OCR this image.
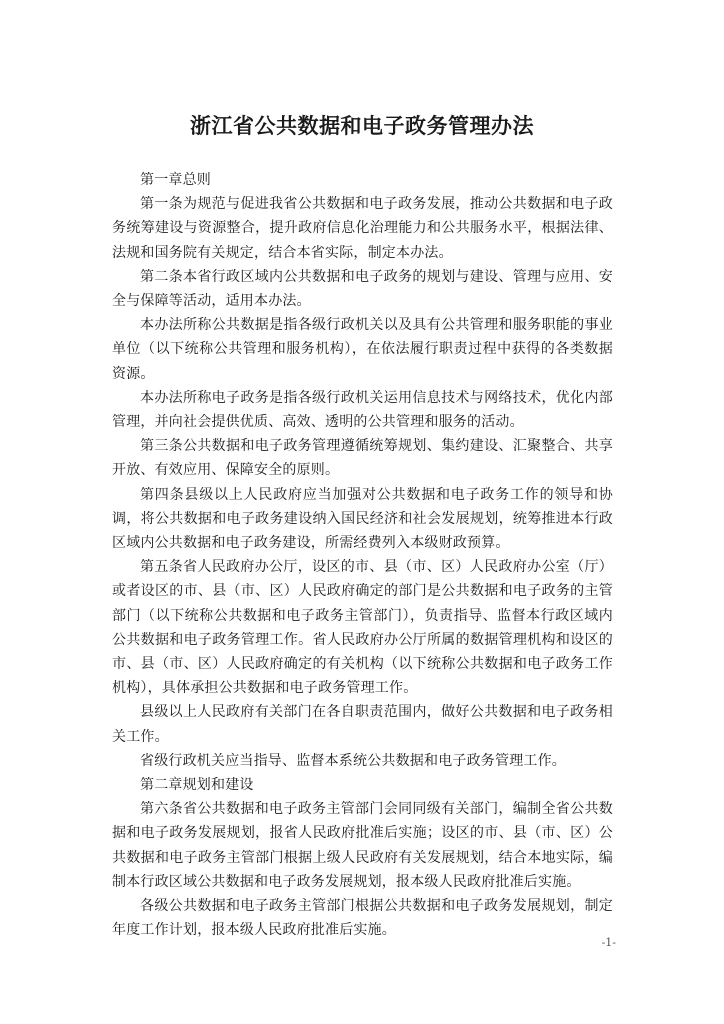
浙江省公共数据和电子政务管理办法

第一章总则

第一条为规范与促进我省公共数据和电子政务发展，推动公共数据和电子政务统筹建设与资源整合，提升政府信息化治理能力和公共服务水平，根据法律、法规和国务院有关规定，结合本省实际，制定本办法。

第二条本省行政区域内公共数据和电子政务的规划与建设、管理与应用、安全与保障等活动，适用本办法。

本办法所称公共数据是指各级行政机关以及具有公共管理和服务职能的事业单位（以下统称公共管理和服务机构），在依法履行职责过程中获得的各类数据资源。

本办法所称电子政务是指各级行政机关运用信息技术与网络技术，优化内部管理，并向社会提供优质、高效、透明的公共管理和服务的活动。

第三条公共数据和电子政务管理遵循统筹规划、集约建设、汇聚整合、共享开放、有效应用、保障安全的原则。

第四条县级以上人民政府应当加强对公共数据和电子政务工作的领导和协调，将公共数据和电子政务建设纳入国民经济和社会发展规划，统筹推进本行政区域内公共数据和电子政务建设，所需经费列入本级财政预算。

第五条省人民政府办公厅，设区的市、县（市、区）人民政府办公室（厅）或者设区的市、县（市、区）人民政府确定的部门是公共数据和电子政务的主管部门（以下统称公共数据和电子政务主管部门），负责指导、监督本行政区域内公共数据和电子政务管理工作。省人民政府办公厅所属的数据管理机构和设区的市、县（市、区）人民政府确定的有关机构（以下统称公共数据和电子政务工作机构），具体承担公共数据和电子政务管理工作。

县级以上人民政府有关部门在各自职责范围内，做好公共数据和电子政务相关工作。

省级行政机关应当指导、监督本系统公共数据和电子政务管理工作。

第二章规划和建设

第六条省公共数据和电子政务主管部门会同同级有关部门，编制全省公共数据和电子政务发展规划，报省人民政府批准后实施；设区的市、县（市、区）公共数据和电子政务主管部门根据上级人民政府有关发展规划，结合本地实际，编制本行政区域公共数据和电子政务发展规划，报本级人民政府批准后实施。

各级公共数据和电子政务主管部门根据公共数据和电子政务发展规划，制定年度工作计划，报本级人民政府批准后实施。

-1-
